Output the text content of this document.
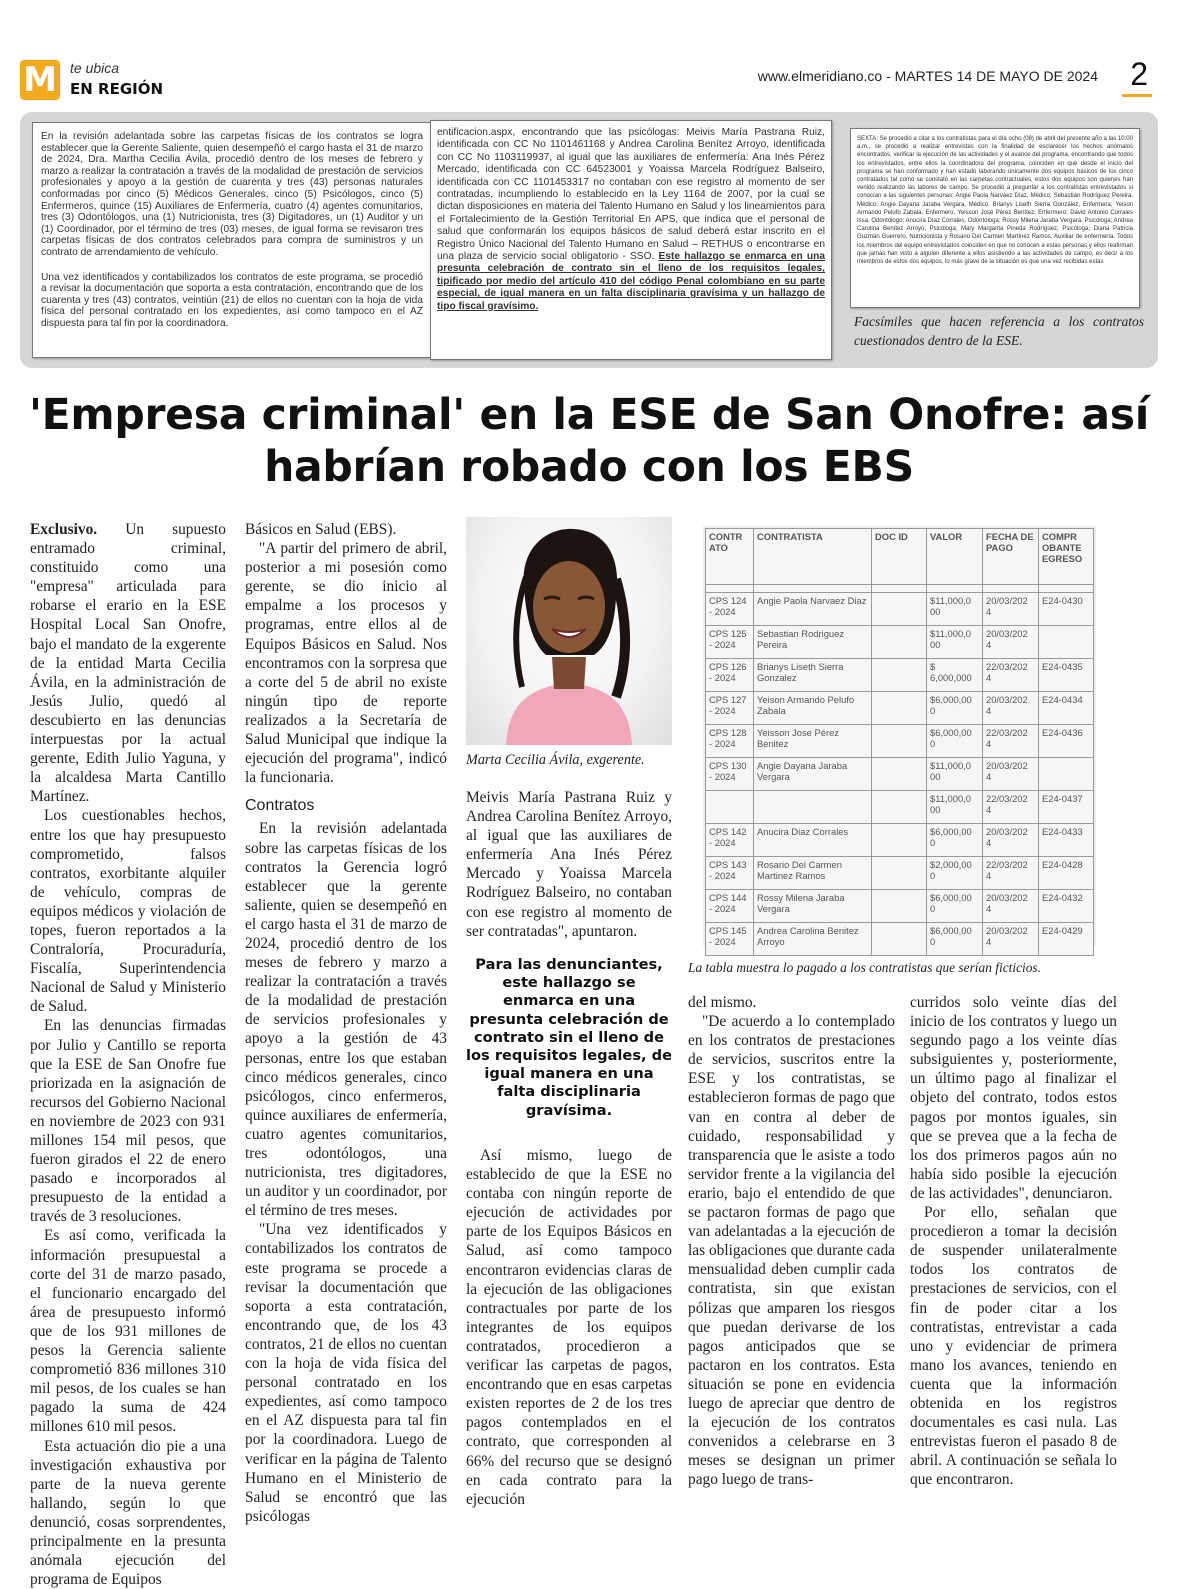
M te ubica
EN REGIÓN
www.elmeridiano.co - MARTES 14 DE MAYO DE 2024 2

En la revisión adelantada sobre las carpetas físicas de los contratos se logra establecer que la Gerente Saliente, quien desempeñó el cargo hasta el 31 de marzo de 2024, Dra. Martha Cecilia Ávila, procedió dentro de los meses de febrero y marzo a realizar la contratación a través de la modalidad de prestación de servicios profesionales y apoyo a la gestión de cuarenta y tres (43) personas naturales conformadas por cinco (5) Médicos Generales, cinco (5) Psicólogos, cinco (5) Enfermeros, quince (15) Auxiliares de Enfermería, cuatro (4) agentes comunitarios, tres (3) Odontólogos, una (1) Nutricionista, tres (3) Digitadores, un (1) Auditor y un (1) Coordinador, por el término de tres (03) meses, de igual forma se revisaron tres carpetas físicas de dos contratos celebrados para compra de suministros y un contrato de arrendamiento de vehículo.

Una vez identificados y contabilizados los contratos de este programa, se procedió a revisar la documentación que soporta a esta contratación, encontrando que de los cuarenta y tres (43) contratos, veintiún (21) de ellos no cuentan con la hoja de vida física del personal contratado en los expedientes, así como tampoco en el AZ dispuesta para tal fin por la coordinadora.

entificacion.aspx, encontrando que las psicólogas: Meivis María Pastrana Ruiz, identificada con CC No 1101461168 y Andrea Carolina Benítez Arroyo, identificada con CC No 1103119937, al igual que las auxiliares de enfermería: Ana Inés Pérez Mercado, identificada con CC 64523001 y Yoaissa Marcela Rodríguez Balseiro, identificada con CC 1101453317 no contaban con ese registro al momento de ser contratadas, incumpliendo lo establecido en la Ley 1164 de 2007, por la cual se dictan disposiciones en materia del Talento Humano en Salud y los lineamientos para el Fortalecimiento de la Gestión Territorial En APS, que indica que el personal de salud que conformarán los equipos básicos de salud deberá estar inscrito en el Registro Único Nacional del Talento Humano en Salud – RETHUS o encontrarse en una plaza de servicio social obligatorio - SSO. Este hallazgo se enmarca en una presunta celebración de contrato sin el lleno de los requisitos legales, tipificado por medio del artículo 410 del código Penal colombiano en su parte especial, de igual manera en un falta disciplinaria gravísima y un hallazgo de tipo fiscal gravísimo.
SEXTA: Se procedió a citar a los contratistas para el día ocho (08) de abril del presente año a las 10:00 a.m., se procedió a realizar entrevistas con la finalidad de esclarecer los hechos anómalos encontrados, verificar la ejecución de las actividades y el avance del programa, encontrando que todos los entrevistados, entre ellos la coordinadora del programa, coinciden en que desde el inicio del programa se han conformado y han estado laborando únicamente dos equipos básicos de los cinco contratados tal como se constató en las carpetas contractuales, estos dos equipos son quienes han venido realizando las labores de campo. Se procedió a preguntar a los contratistas entrevistados si conocían a las siguientes personas: Angie Paola Narváez Díaz, Médico; Sebastián Rodríguez Pereira, Médico; Angie Dayana Jaraba Vergara, Médico; Brianys Liseth Sierra González, Enfermera; Yeison Armando Pelufo Zabala, Enfermero, Yeisson José Pérez Benítez, Enfermero; David Antonio Corrales Issa, Odontólogo; Anucira Díaz Corrales, Odontóloga; Rossy Milena Jaraba Vergara, Psicóloga; Andrea Carolina Benítez Arroyo, Psicóloga; Mary Margarita Pineda Rodríguez, Psicóloga; Diana Patricia Guzmán Guerrero, Nutricionista y Rosario Del Carmen Martínez Ramos, Auxiliar de enfermería. Todos los miembros del equipo entrevistados coinciden en que no conocen a estas personas y ellos reafirman que jamás han visto a alguien diferente a ellos asistiendo a las actividades de campo, es decir a los miembros de estos dos equipos, lo más grave de la situación es que una vez recibidas estas
Facsímiles que hacen referencia a los contratos cuestionados dentro de la ESE.
'Empresa criminal' en la ESE de San Onofre: así habrían robado con los EBS

Exclusivo. Un supuesto entramado criminal, constituido como una "empresa" articulada para robarse el erario en la ESE Hospital Local San Onofre, bajo el mandato de la exgerente de la entidad Marta Cecilia Ávila, en la administración de Jesús Julio, quedó al descubierto en las denuncias interpuestas por la actual gerente, Edith Julio Yaguna, y la alcaldesa Marta Cantillo Martínez.

Los cuestionables hechos, entre los que hay presupuesto comprometido, falsos contratos, exorbitante alquiler de vehículo, compras de equipos médicos y violación de topes, fueron reportados a la Contraloría, Procuraduría, Fiscalía, Superintendencia Nacional de Salud y Ministerio de Salud.

En las denuncias firmadas por Julio y Cantillo se reporta que la ESE de San Onofre fue priorizada en la asignación de recursos del Gobierno Nacional en noviembre de 2023 con 931 millones 154 mil pesos, que fueron girados el 22 de enero pasado e incorporados al presupuesto de la entidad a través de 3 resoluciones.

Es así como, verificada la información presupuestal a corte del 31 de marzo pasado, el funcionario encargado del área de presupuesto informó que de los 931 millones de pesos la Gerencia saliente comprometió 836 millones 310 mil pesos, de los cuales se han pagado la suma de 424 millones 610 mil pesos.

Esta actuación dio pie a una investigación exhaustiva por parte de la nueva gerente hallando, según lo que denunció, cosas sorprendentes, principalmente en la presunta anómala ejecución del programa de Equipos

Básicos en Salud (EBS).

"A partir del primero de abril, posterior a mi posesión como gerente, se dio inicio al empalme a los procesos y programas, entre ellos al de Equipos Básicos en Salud. Nos encontramos con la sorpresa que a corte del 5 de abril no existe ningún tipo de reporte realizados a la Secretaría de Salud Municipal que indique la ejecución del programa", indicó la funcionaria.

Contratos

En la revisión adelantada sobre las carpetas físicas de los contratos la Gerencia logró establecer que la gerente saliente, quien se desempeñó en el cargo hasta el 31 de marzo de 2024, procedió dentro de los meses de febrero y marzo a realizar la contratación a través de la modalidad de prestación de servicios profesionales y apoyo a la gestión de 43 personas, entre los que estaban cinco médicos generales, cinco psicólogos, cinco enfermeros, quince auxiliares de enfermería, cuatro agentes comunitarios, tres odontólogos, una nutricionista, tres digitadores, un auditor y un coordinador, por el término de tres meses.

"Una vez identificados y contabilizados los contratos de este programa se procede a revisar la documentación que soporta a esta contratación, encontrando que, de los 43 contratos, 21 de ellos no cuentan con la hoja de vida física del personal contratado en los expedientes, así como tampoco en el AZ dispuesta para tal fin por la coordinadora. Luego de verificar en la página de Talento Humano en el Ministerio de Salud se encontró que las psicólogas

Marta Cecilia Ávila, exgerente.

Meivis María Pastrana Ruiz y Andrea Carolina Benítez Arroyo, al igual que las auxiliares de enfermería Ana Inés Pérez Mercado y Yoaissa Marcela Rodríguez Balseiro, no contaban con ese registro al momento de ser contratadas", apuntaron.

Para las denunciantes, este hallazgo se enmarca en una presunta celebración de contrato sin el lleno de los requisitos legales, de igual manera en una falta disciplinaria gravísima.

Así mismo, luego de establecido de que la ESE no contaba con ningún reporte de ejecución de actividades por parte de los Equipos Básicos en Salud, así como tampoco encontraron evidencias claras de la ejecución de las obligaciones contractuales por parte de los integrantes de los equipos contratados, procedieron a verificar las carpetas de pagos, encontrando que en esas carpetas existen reportes de 2 de los tres pagos contemplados en el contrato, que corresponden al 66% del recurso que se designó en cada contrato para la ejecución

CONTR ATO	CONTRATISTA	DOC ID	VALOR	FECHA DE PAGO	COMPR OBANTE EGRESO

CPS 124 - 2024	Angie Paola Narvaez Diaz		$11,000,0 00	20/03/202 4	E24-0430
CPS 125 - 2024	Sebastian Rodriguez Pereira		$11,000,0 00	20/03/202 4	
CPS 126 - 2024	Brianys Liseth Sierra Gonzalez		$ 6,000,000	22/03/202 4	E24-0435
CPS 127 - 2024	Yeison Armando Pelufo Zabala		$6,000,00 0	20/03/202 4	E24-0434
CPS 128 - 2024	Yeisson Jose Pérez Benitez		$6,000,00 0	22/03/202 4	E24-0436
CPS 130 - 2024	Angie Dayana Jaraba Vergara		$11,000,0 00	20/03/202 4	
			$11,000,0 00	22/03/202 4	E24-0437
CPS 142 - 2024	Anucira Diaz Corrales		$6,000,00 0	20/03/202 4	E24-0433
CPS 143 - 2024	Rosario Del Carmen Martinez Ramos		$2,000,00 0	22/03/202 4	E24-0428
CPS 144 - 2024	Rossy Milena Jaraba Vergara		$6,000,00 0	20/03/202 4	E24-0432
CPS 145 - 2024	Andrea Carolina Benitez Arroyo		$6,000,00 0	20/03/202 4	E24-0429
La tabla muestra lo pagado a los contratistas que serían ficticios.

del mismo.

"De acuerdo a lo contemplado en los contratos de prestaciones de servicios, suscritos entre la ESE y los contratistas, se establecieron formas de pago que van en contra al deber de cuidado, responsabilidad y transparencia que le asiste a todo servidor frente a la vigilancia del erario, bajo el entendido de que se pactaron formas de pago que van adelantadas a la ejecución de las obligaciones que durante cada mensualidad deben cumplir cada contratista, sin que existan pólizas que amparen los riesgos que puedan derivarse de los pagos anticipados que se pactaron en los contratos. Esta situación se pone en evidencia luego de apreciar que dentro de la ejecución de los contratos convenidos a celebrarse en 3 meses se designan un primer pago luego de trans-

curridos solo veinte días del inicio de los contratos y luego un segundo pago a los veinte días subsiguientes y, posteriormente, un último pago al finalizar el objeto del contrato, todos estos pagos por montos iguales, sin que se prevea que a la fecha de los dos primeros pagos aún no había sido posible la ejecución de las actividades", denunciaron.

Por ello, señalan que procedieron a tomar la decisión de suspender unilateralmente todos los contratos de prestaciones de servicios, con el fin de poder citar a los contratistas, entrevistar a cada uno y evidenciar de primera mano los avances, teniendo en cuenta que la información obtenida en los registros documentales es casi nula. Las entrevistas fueron el pasado 8 de abril. A continuación se señala lo que encontraron.
